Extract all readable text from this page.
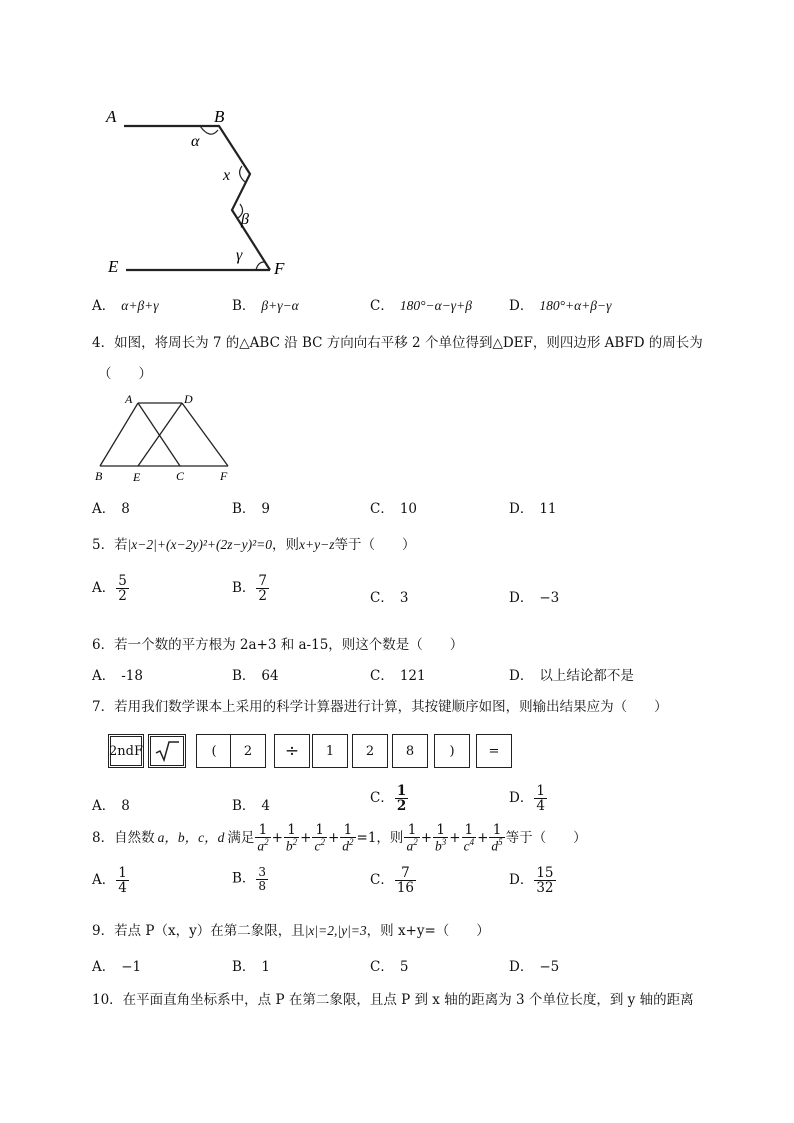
A	B
α
x
β
γ
E	F
A． α+β+γ	B． β+γ−α	C． 180°−α−γ+β	D． 180°+α+β−γ
4．如图，将周长为 7 的△ABC 沿 BC 方向向右平移 2 个单位得到△DEF，则四边形 ABFD 的周长为
（　　）
A	D
B	E	C	F
A． 8	B． 9	C． 10	D． 11
5．若|x−2|+(x−2y)²+(2z−y)²=0，则x+y−z等于（　　）
A． $\frac{5}{2}$	B． $\frac{7}{2}$	C． 3	D． −3
6．若一个数的平方根为 2a+3 和 a-15，则这个数是（　　）
A． -18	B． 64	C． 121	D． 以上结论都不是
7．若用我们数学课本上采用的科学计算器进行计算，其按键顺序如图，则输出结果应为（　　）
2ndF	(	2	÷	1	2	8	)	=
A． 8	B． 4	C． $\frac{1}{2}$	D． $\frac{1}{4}$
8．自然数 a，b，c，d 满足 $\frac{1}{a^2} + \frac{1}{b^2} + \frac{1}{c^2} + \frac{1}{d^2} =1$，则 $\frac{1}{a^2} + \frac{1}{b^3} + \frac{1}{c^4} + \frac{1}{d^5}$ 等于（　　）
A． $\frac{1}{4}$	B． $\frac{3}{8}$	C． $\frac{7}{16}$	D． $\frac{15}{32}$
9．若点 P（x，y）在第二象限，且|x|=2,|y|=3，则 x+y=（　　）
A． −1	B． 1	C． 5	D． −5
10．在平面直角坐标系中，点 P 在第二象限，且点 P 到 x 轴的距离为 3 个单位长度，到 y 轴的距离
